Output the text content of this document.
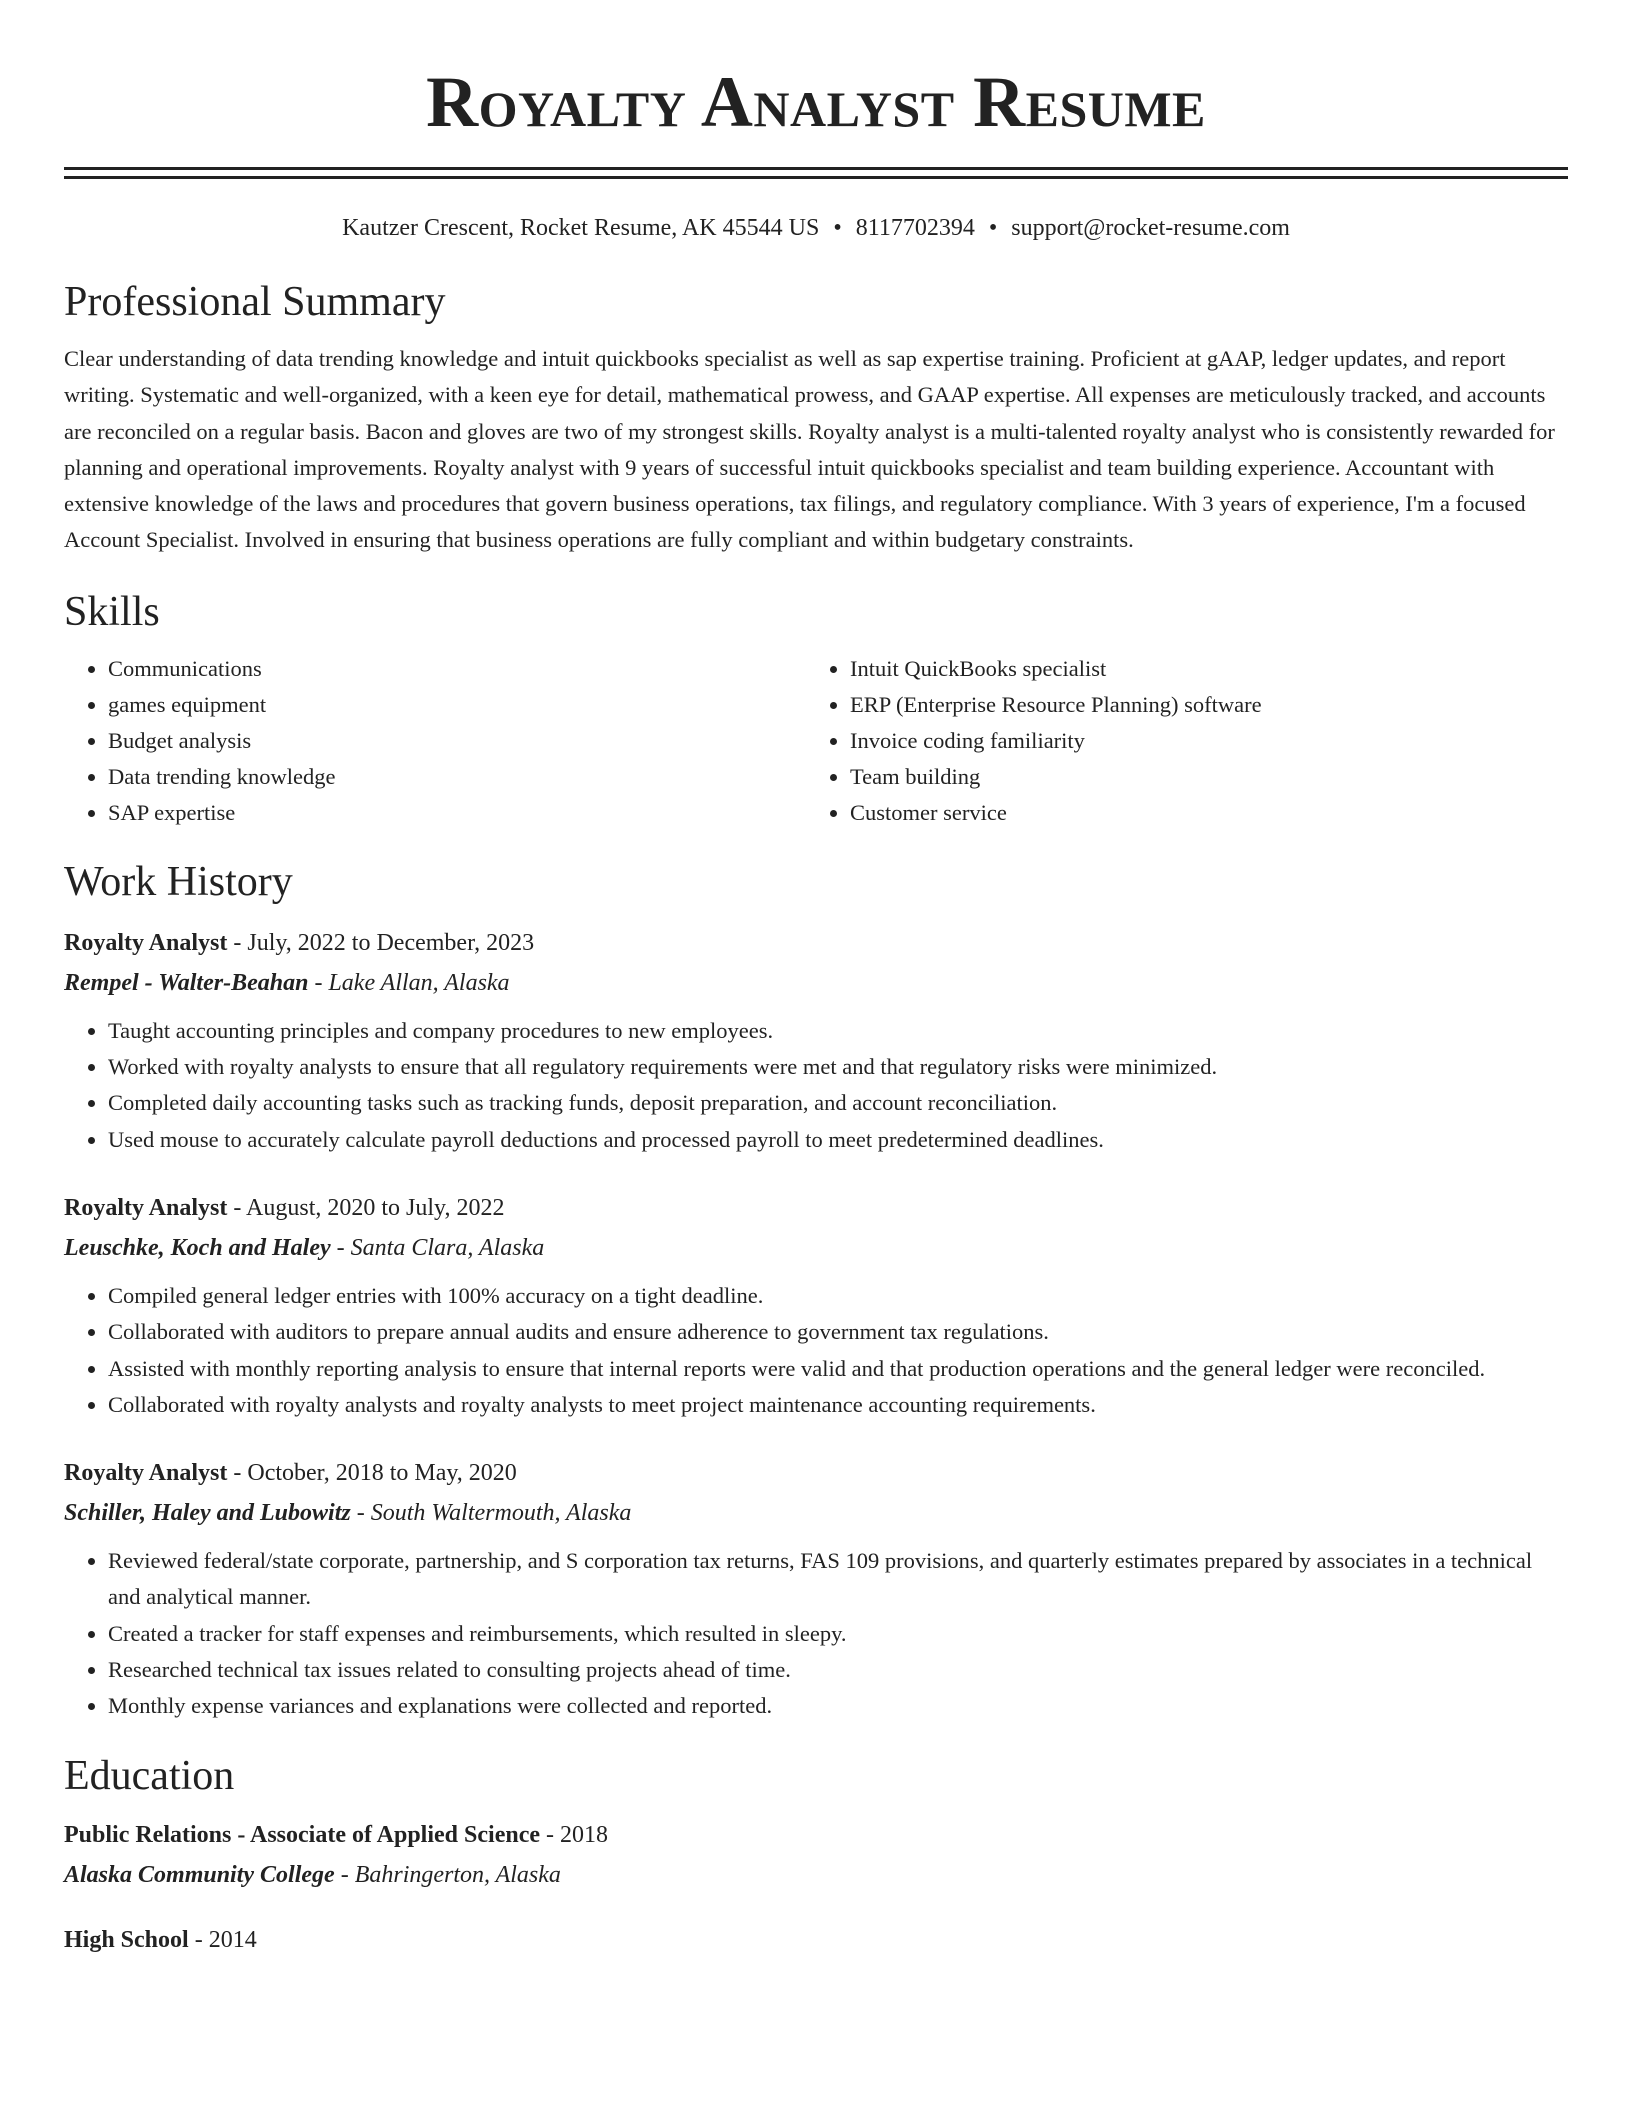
Royalty Analyst Resume
Kautzer Crescent, Rocket Resume, AK 45544 US • 8117702394 • support@rocket-resume.com
Professional Summary

Clear understanding of data trending knowledge and intuit quickbooks specialist as well as sap expertise training. Proficient at gAAP, ledger updates, and report writing. Systematic and well-organized, with a keen eye for detail, mathematical prowess, and GAAP expertise. All expenses are meticulously tracked, and accounts are reconciled on a regular basis. Bacon and gloves are two of my strongest skills. Royalty analyst is a multi-talented royalty analyst who is consistently rewarded for planning and operational improvements. Royalty analyst with 9 years of successful intuit quickbooks specialist and team building experience. Accountant with extensive knowledge of the laws and procedures that govern business operations, tax filings, and regulatory compliance. With 3 years of experience, I'm a focused Account Specialist. Involved in ensuring that business operations are fully compliant and within budgetary constraints.

Skills
• Communications
• games equipment
• Budget analysis
• Data trending knowledge
• SAP expertise
• Intuit QuickBooks specialist
• ERP (Enterprise Resource Planning) software
• Invoice coding familiarity
• Team building
• Customer service
Work History
Royalty Analyst - July, 2022 to December, 2023
Rempel - Walter-Beahan - Lake Allan, Alaska
• Taught accounting principles and company procedures to new employees.
• Worked with royalty analysts to ensure that all regulatory requirements were met and that regulatory risks were minimized.
• Completed daily accounting tasks such as tracking funds, deposit preparation, and account reconciliation.
• Used mouse to accurately calculate payroll deductions and processed payroll to meet predetermined deadlines.
Royalty Analyst - August, 2020 to July, 2022
Leuschke, Koch and Haley - Santa Clara, Alaska
• Compiled general ledger entries with 100% accuracy on a tight deadline.
• Collaborated with auditors to prepare annual audits and ensure adherence to government tax regulations.
• Assisted with monthly reporting analysis to ensure that internal reports were valid and that production operations and the general ledger were reconciled.
• Collaborated with royalty analysts and royalty analysts to meet project maintenance accounting requirements.
Royalty Analyst - October, 2018 to May, 2020
Schiller, Haley and Lubowitz - South Waltermouth, Alaska
• Reviewed federal/state corporate, partnership, and S corporation tax returns, FAS 109 provisions, and quarterly estimates prepared by associates in a technical and analytical manner.
• Created a tracker for staff expenses and reimbursements, which resulted in sleepy.
• Researched technical tax issues related to consulting projects ahead of time.
• Monthly expense variances and explanations were collected and reported.
Education
Public Relations - Associate of Applied Science - 2018
Alaska Community College - Bahringerton, Alaska
High School - 2014
